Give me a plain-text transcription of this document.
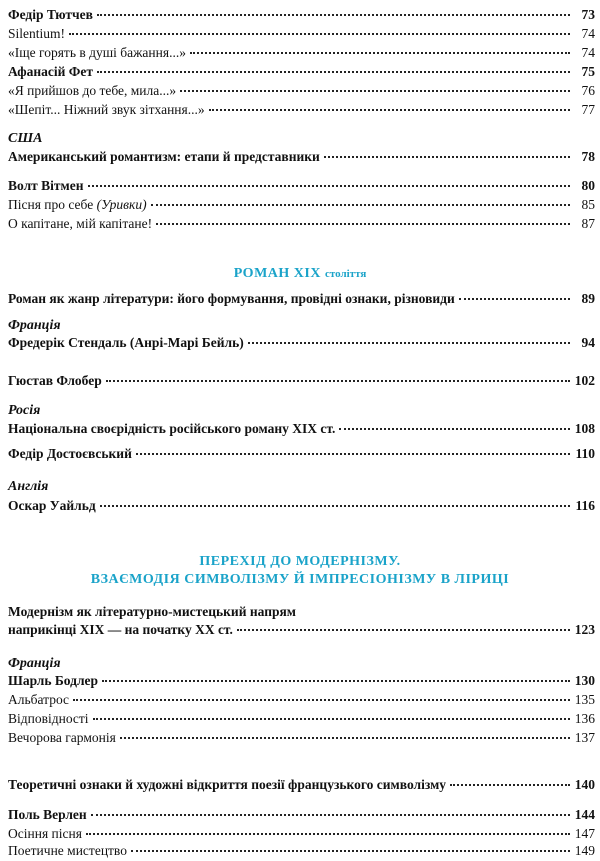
Федір Тютчев	73
Silentium!	74
«Іще горять в душі бажання...»	74
Афанасій Фет	75
«Я прийшов до тебе, мила...»	76
«Шепіт... Ніжний звук зітхання...»	77
США
Американський романтизм: етапи й представники	78
Волт Вітмен	80
Пісня про себе (Уривки)	85
О капітане, мій капітане!	87
РОМАН XIX століття
Роман як жанр літератури: його формування, провідні ознаки, різновиди	89
Франція
Фредерік Стендаль (Анрі-Марі Бейль)	94
Гюстав Флобер	102
Росія
Національна своєрідність російського роману XIX ст.	108
Федір Достоєвський	110
Англія
Оскар Уайльд	116
ПЕРЕХІД ДО МОДЕРНІЗМУ.
ВЗАЄМОДІЯ СИМВОЛІЗМУ Й ІМПРЕСІОНІЗМУ В ЛІРИЦІ
Модернізм як літературно-мистецький напрям
наприкінці XIX — на початку XX ст.	123
Франція
Шарль Бодлер	130
Альбатрос	135
Відповідності	136
Вечорова гармонія	137
Теоретичні ознаки й художні відкриття поезії французького символізму	140
Поль Верлен	144
Осіння пісня	147
Поетичне мистецтво	149
